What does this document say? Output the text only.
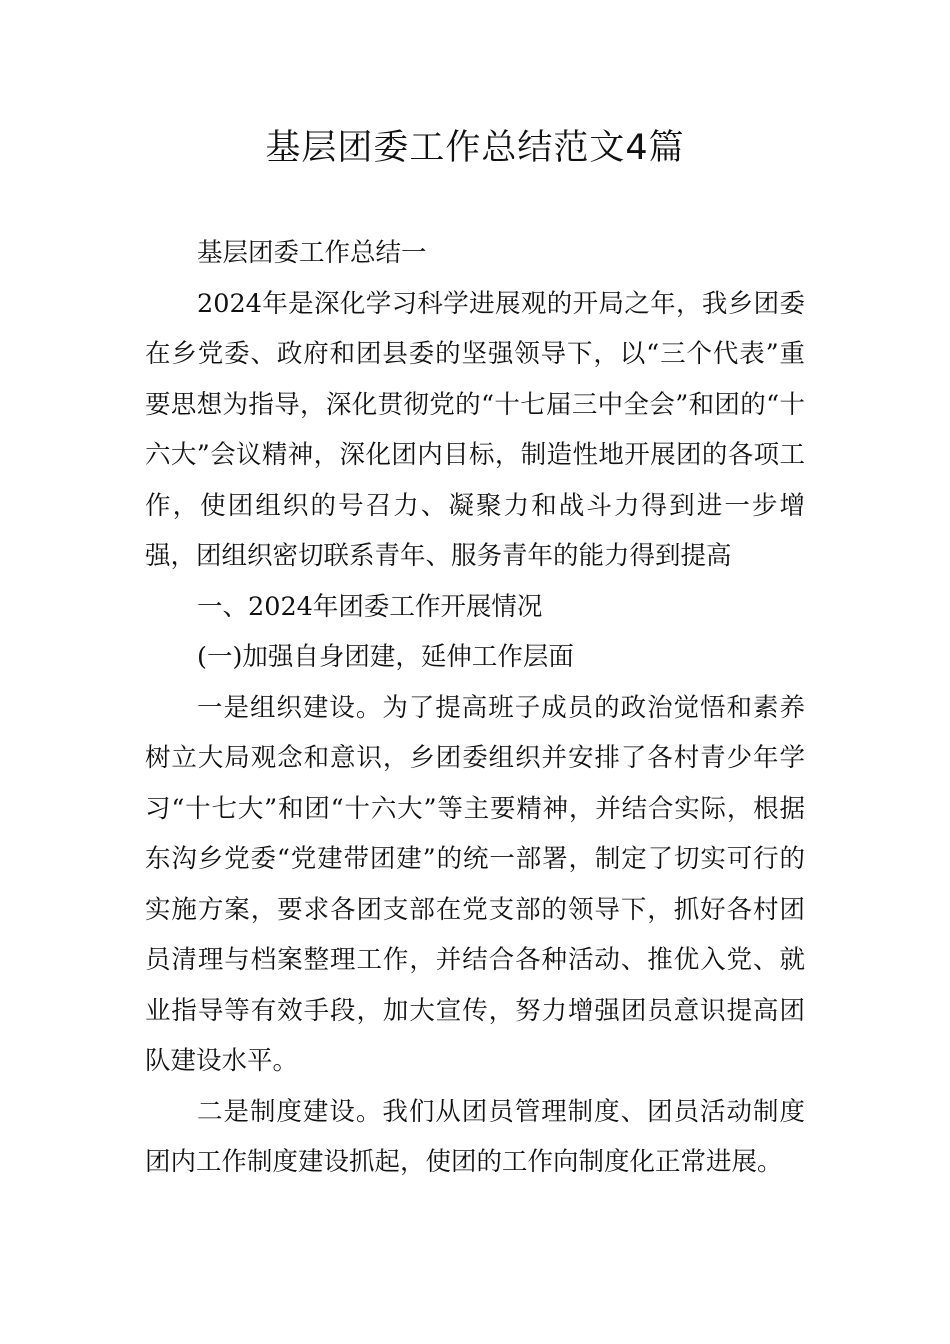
基层团委工作总结范文4篇

基层团委工作总结一

2024年是深化学习科学进展观的开局之年，我乡团委在乡党委、政府和团县委的坚强领导下，以“三个代表”重要思想为指导，深化贯彻党的“十七届三中全会”和团的“十六大”会议精神，深化团内目标，制造性地开展团的各项工作，使团组织的号召力、凝聚力和战斗力得到进一步增强，团组织密切联系青年、服务青年的能力得到提高

一、2024年团委工作开展情况

(一)加强自身团建，延伸工作层面

一是组织建设。为了提高班子成员的政治觉悟和素养树立大局观念和意识，乡团委组织并安排了各村青少年学习“十七大”和团“十六大”等主要精神，并结合实际，根据东沟乡党委“党建带团建”的统一部署，制定了切实可行的实施方案，要求各团支部在党支部的领导下，抓好各村团员清理与档案整理工作，并结合各种活动、推优入党、就业指导等有效手段，加大宣传，努力增强团员意识提高团队建设水平。

二是制度建设。我们从团员管理制度、团员活动制度团内工作制度建设抓起，使团的工作向制度化正常进展。
